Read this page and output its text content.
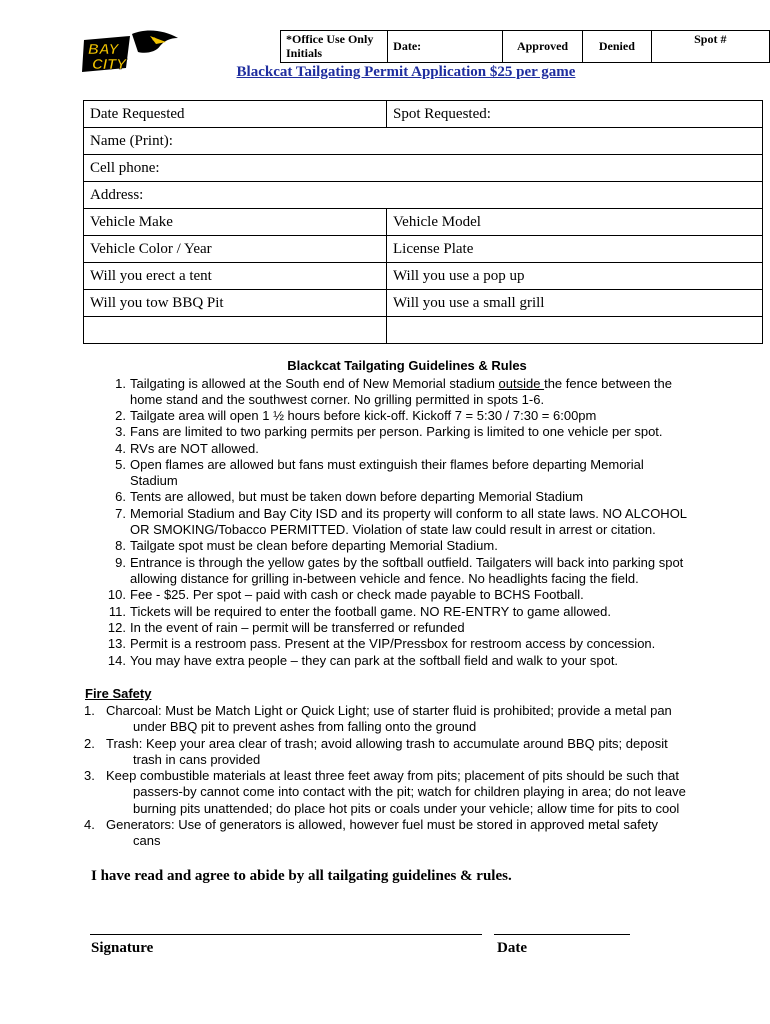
BAY
CITY
*Office Use Only
Initials	Date:	Approved	Denied	Spot #
Blackcat Tailgating Permit Application $25 per game
Date Requested	Spot Requested:
Name (Print):	
Cell phone:	
Address:	
Vehicle Make	Vehicle Model
Vehicle Color / Year	License Plate
Will you erect a tent	Will you use a pop up
Will you tow BBQ Pit	Will you use a small grill

Blackcat Tailgating Guidelines & Rules
1. Tailgating is allowed at the South end of New Memorial stadium outside the fence between the
home stand and the southwest corner. No grilling permitted in spots 1-6.
2. Tailgate area will open 1 ½ hours before kick-off. Kickoff 7 = 5:30 / 7:30 = 6:00pm
3. Fans are limited to two parking permits per person. Parking is limited to one vehicle per spot.
4. RVs are NOT allowed.
5. Open flames are allowed but fans must extinguish their flames before departing Memorial
Stadium
6. Tents are allowed, but must be taken down before departing Memorial Stadium
7. Memorial Stadium and Bay City ISD and its property will conform to all state laws. NO ALCOHOL
OR SMOKING/Tobacco PERMITTED. Violation of state law could result in arrest or citation.
8. Tailgate spot must be clean before departing Memorial Stadium.
9. Entrance is through the yellow gates by the softball outfield. Tailgaters will back into parking spot
allowing distance for grilling in-between vehicle and fence. No headlights facing the field.
10. Fee - $25. Per spot – paid with cash or check made payable to BCHS Football.
11. Tickets will be required to enter the football game. NO RE-ENTRY to game allowed.
12. In the event of rain – permit will be transferred or refunded
13. Permit is a restroom pass. Present at the VIP/Pressbox for restroom access by concession.
14. You may have extra people – they can park at the softball field and walk to your spot.
Fire Safety
1. Charcoal: Must be Match Light or Quick Light; use of starter fluid is prohibited; provide a metal pan
under BBQ pit to prevent ashes from falling onto the ground
2. Trash: Keep your area clear of trash; avoid allowing trash to accumulate around BBQ pits; deposit
trash in cans provided
3. Keep combustible materials at least three feet away from pits; placement of pits should be such that
passers-by cannot come into contact with the pit; watch for children playing in area; do not leave
burning pits unattended; do place hot pits or coals under your vehicle; allow time for pits to cool
4. Generators: Use of generators is allowed, however fuel must be stored in approved metal safety
cans
I have read and agree to abide by all tailgating guidelines & rules.
Signature	Date
